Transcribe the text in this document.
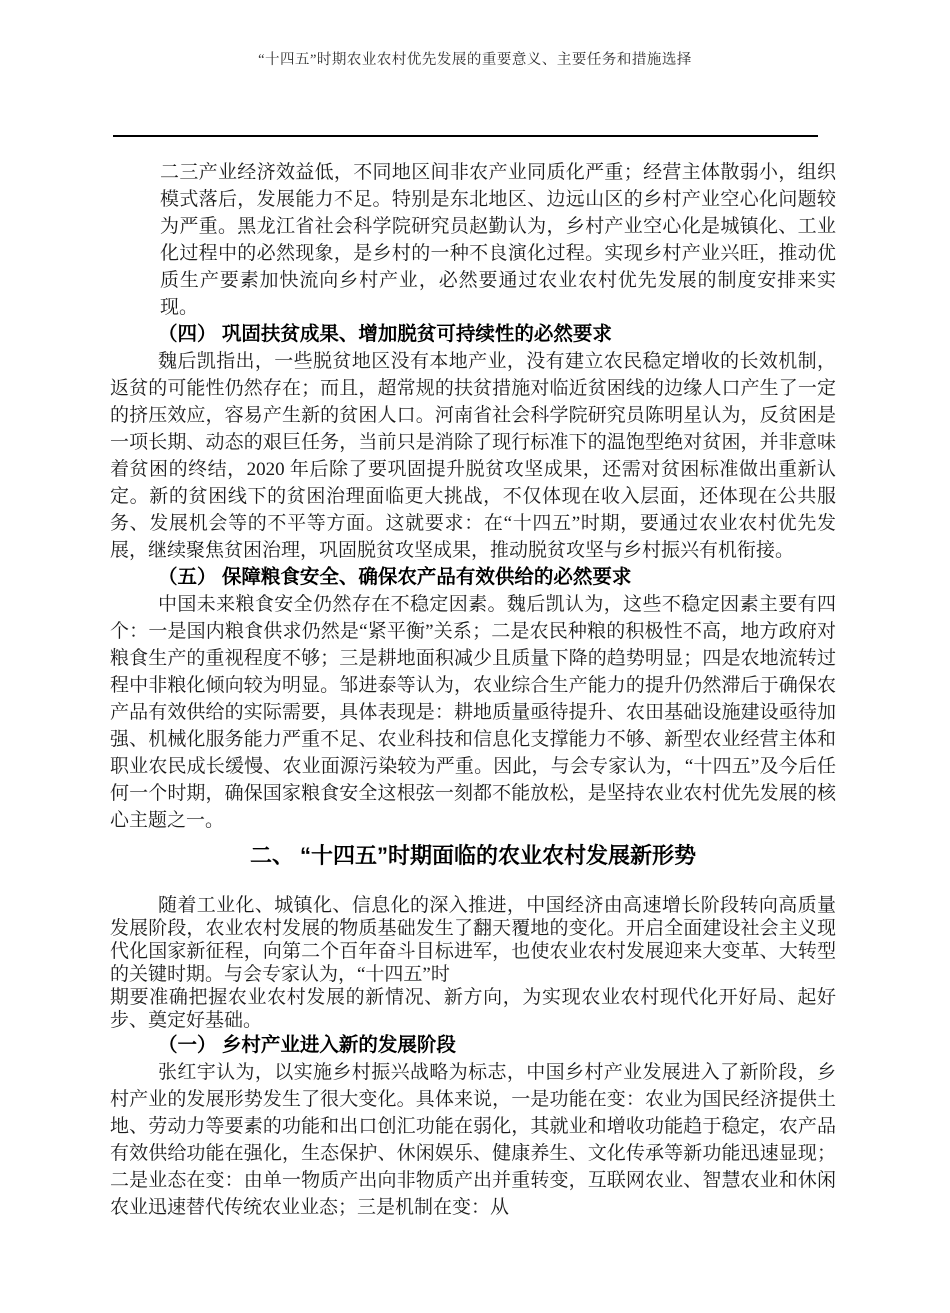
“十四五”时期农业农村优先发展的重要意义、主要任务和措施选择

二三产业经济效益低，不同地区间非农产业同质化严重；经营主体散弱小，组织模式落后，发展能力不足。特别是东北地区、边远山区的乡村产业空心化问题较为严重。黑龙江省社会科学院研究员赵勤认为，乡村产业空心化是城镇化、工业化过程中的必然现象，是乡村的一种不良演化过程。实现乡村产业兴旺，推动优质生产要素加快流向乡村产业，必然要通过农业农村优先发展的制度安排来实现。

（四） 巩固扶贫成果、增加脱贫可持续性的必然要求

魏后凯指出，一些脱贫地区没有本地产业，没有建立农民稳定增收的长效机制，返贫的可能性仍然存在；而且，超常规的扶贫措施对临近贫困线的边缘人口产生了一定的挤压效应，容易产生新的贫困人口。河南省社会科学院研究员陈明星认为，反贫困是一项长期、动态的艰巨任务，当前只是消除了现行标准下的温饱型绝对贫困，并非意味着贫困的终结，2020 年后除了要巩固提升脱贫攻坚成果，还需对贫困标准做出重新认定。新的贫困线下的贫困治理面临更大挑战，不仅体现在收入层面，还体现在公共服务、发展机会等的不平等方面。这就要求：在“十四五”时期，要通过农业农村优先发展，继续聚焦贫困治理，巩固脱贫攻坚成果，推动脱贫攻坚与乡村振兴有机衔接。

（五） 保障粮食安全、确保农产品有效供给的必然要求

中国未来粮食安全仍然存在不稳定因素。魏后凯认为，这些不稳定因素主要有四个：一是国内粮食供求仍然是“紧平衡”关系；二是农民种粮的积极性不高，地方政府对粮食生产的重视程度不够；三是耕地面积减少且质量下降的趋势明显；四是农地流转过程中非粮化倾向较为明显。邹进泰等认为，农业综合生产能力的提升仍然滞后于确保农产品有效供给的实际需要，具体表现是：耕地质量亟待提升、农田基础设施建设亟待加强、机械化服务能力严重不足、农业科技和信息化支撑能力不够、新型农业经营主体和职业农民成长缓慢、农业面源污染较为严重。因此，与会专家认为，“十四五”及今后任何一个时期，确保国家粮食安全这根弦一刻都不能放松，是坚持农业农村优先发展的核心主题之一。

二、 “十四五”时期面临的农业农村发展新形势

随着工业化、城镇化、信息化的深入推进，中国经济由高速增长阶段转向高质量发展阶段，农业农村发展的物质基础发生了翻天覆地的变化。开启全面建设社会主义现代化国家新征程，向第二个百年奋斗目标进军，也使农业农村发展迎来大变革、大转型的关键时期。与会专家认为，“十四五”时
期要准确把握农业农村发展的新情况、新方向，为实现农业农村现代化开好局、起好步、奠定好基础。

（一） 乡村产业进入新的发展阶段

张红宇认为，以实施乡村振兴战略为标志，中国乡村产业发展进入了新阶段，乡村产业的发展形势发生了很大变化。具体来说，一是功能在变：农业为国民经济提供土地、劳动力等要素的功能和出口创汇功能在弱化，其就业和增收功能趋于稳定，农产品有效供给功能在强化，生态保护、休闲娱乐、健康养生、文化传承等新功能迅速显现；二是业态在变：由单一物质产出向非物质产出并重转变，互联网农业、智慧农业和休闲农业迅速替代传统农业业态；三是机制在变：从
